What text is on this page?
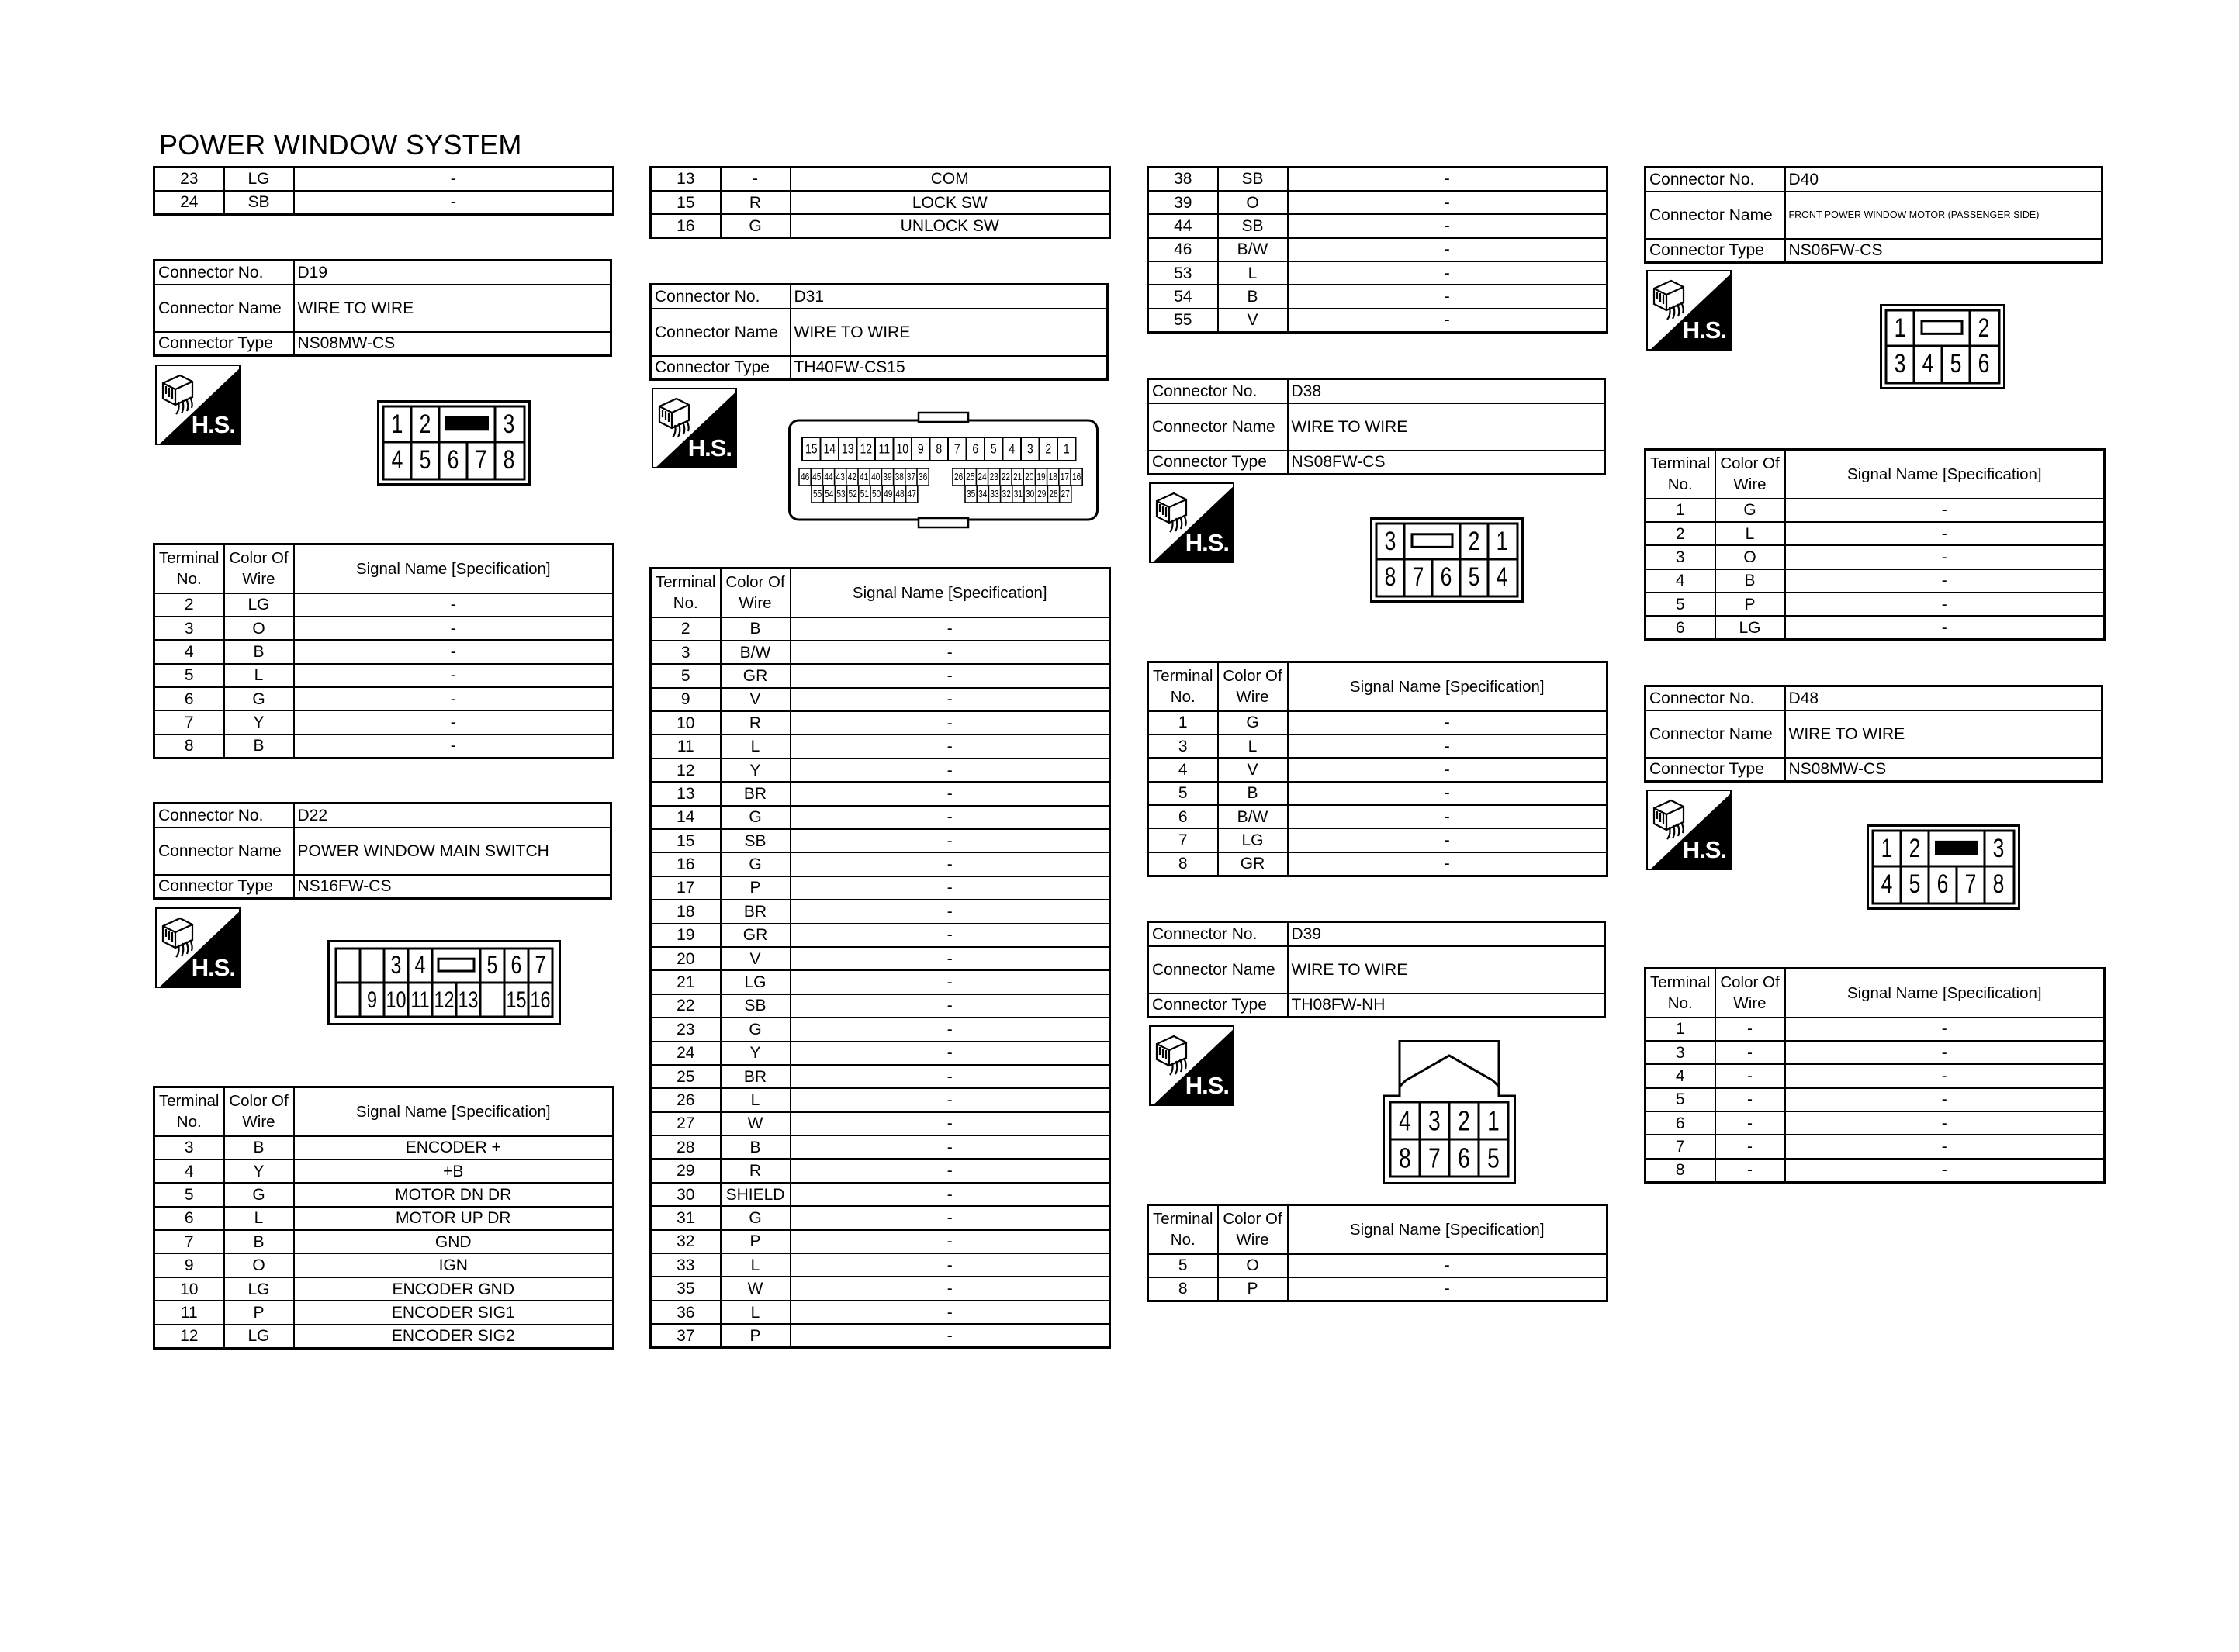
POWER WINDOW SYSTEM
23	LG	-
24	SB	-
Connector No.	D19
Connector Name	WIRE TO WIRE
Connector Type	NS08MW-CS
H.S.	1 2	3
4 5 6 7 8
Terminal No.	Color Of Wire	Signal Name [Specification]
2	LG	-
3	O	-
4	B	-
5	L	-
6	G	-
7	Y	-
8	B	-
Connector No.	D22
Connector Name	POWER WINDOW MAIN SWITCH
Connector Type	NS16FW-CS
H.S.	3 4 5 6 7
9 10 11 12 13 15 16
Terminal No.	Color Of Wire	Signal Name [Specification]
3	B	ENCODER +
4	Y	+B
5	G	MOTOR DN DR
6	L	MOTOR UP DR
7	B	GND
9	O	IGN
10	LG	ENCODER GND
11	P	ENCODER SIG1
12	LG	ENCODER SIG2
13	-	COM
15	R	LOCK SW
16	G	UNLOCK SW
Connector No.	D31
Connector Name	WIRE TO WIRE
Connector Type	TH40FW-CS15
H.S.	15 14 13 12 11 10 9 8 7 6 5 4 3 2 1
46 45 44 43 42 41 40 39 38 37 36	26 25 24 23 22 21 20 19 18 17 16
55 54 53 52 51 50 49 48 47	35 34 33 32 31 30 29 28 27
Terminal No.	Color Of Wire	Signal Name [Specification]
2	B	-
3	B/W	-
5	GR	-
9	V	-
10	R	-
11	L	-
12	Y	-
13	BR	-
14	G	-
15	SB	-
16	G	-
17	P	-
18	BR	-
19	GR	-
20	V	-
21	LG	-
22	SB	-
23	G	-
24	Y	-
25	BR	-
26	L	-
27	W	-
28	B	-
29	R	-
30	SHIELD	-
31	G	-
32	P	-
33	L	-
35	W	-
36	L	-
37	P	-
38	SB	-
39	O	-
44	SB	-
46	B/W	-
53	L	-
54	B	-
55	V	-
Connector No.	D38
Connector Name	WIRE TO WIRE
Connector Type	NS08FW-CS
H.S.	3	2 1
8 7 6 5 4
Terminal No.	Color Of Wire	Signal Name [Specification]
1	G	-
3	L	-
4	V	-
5	B	-
6	B/W	-
7	LG	-
8	GR	-
Connector No.	D39
Connector Name	WIRE TO WIRE
Connector Type	TH08FW-NH
H.S.
4 3 2 1
8 7 6 5
Terminal No.	Color Of Wire	Signal Name [Specification]
5	O	-
8	P	-
Connector No.	D40
Connector Name	FRONT POWER WINDOW MOTOR (PASSENGER SIDE)
Connector Type	NS06FW-CS
H.S.	1	2
3 4 5 6
Terminal No.	Color Of Wire	Signal Name [Specification]
1	G	-
2	L	-
3	O	-
4	B	-
5	P	-
6	LG	-
Connector No.	D48
Connector Name	WIRE TO WIRE
Connector Type	NS08MW-CS
H.S.	1 2	3
4 5 6 7 8
Terminal No.	Color Of Wire	Signal Name [Specification]
1	-	-
3	-	-
4	-	-
5	-	-
6	-	-
7	-	-
8	-	-
